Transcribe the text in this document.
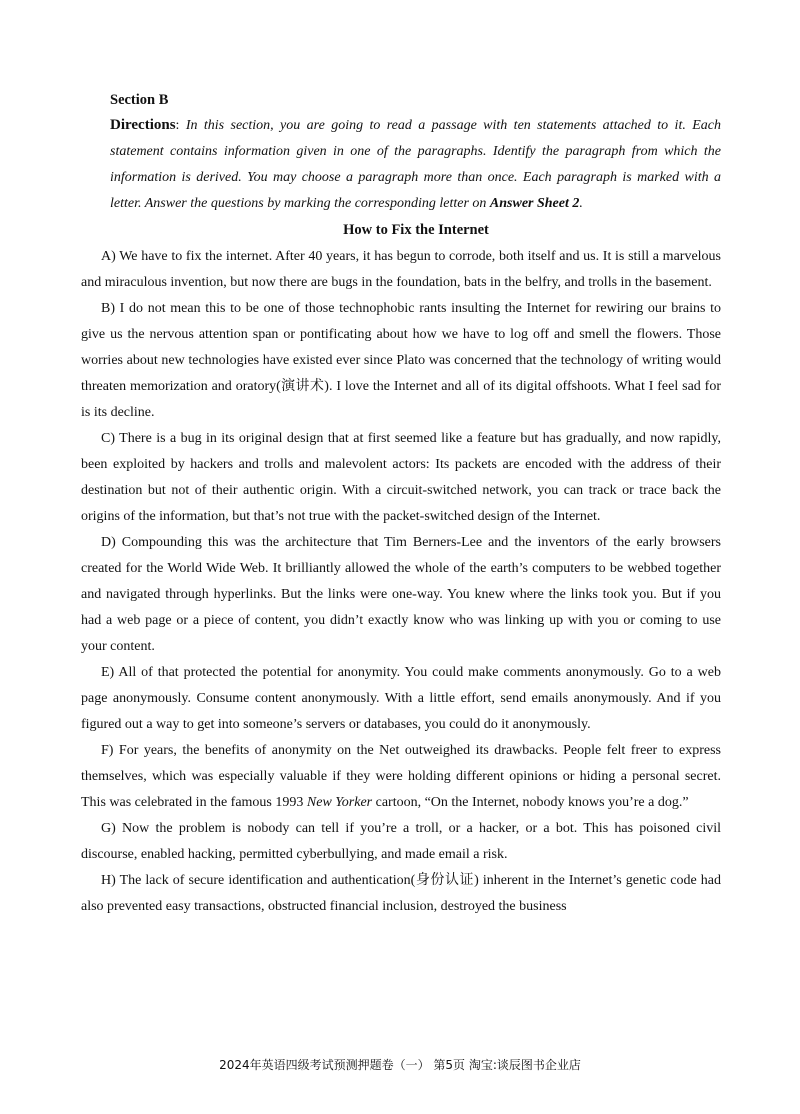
Section B
Directions: In this section, you are going to read a passage with ten statements attached to it. Each statement contains information given in one of the paragraphs. Identify the paragraph from which the information is derived. You may choose a paragraph more than once. Each paragraph is marked with a letter. Answer the questions by marking the corresponding letter on Answer Sheet 2.
How to Fix the Internet

A) We have to fix the internet. After 40 years, it has begun to corrode, both itself and us. It is still a marvelous and miraculous invention, but now there are bugs in the foundation, bats in the belfry, and trolls in the basement.

B) I do not mean this to be one of those technophobic rants insulting the Internet for rewiring our brains to give us the nervous attention span or pontificating about how we have to log off and smell the flowers. Those worries about new technologies have existed ever since Plato was concerned that the technology of writing would threaten memorization and oratory(演讲术). I love the Internet and all of its digital offshoots. What I feel sad for is its decline.

C) There is a bug in its original design that at first seemed like a feature but has gradually, and now rapidly, been exploited by hackers and trolls and malevolent actors: Its packets are encoded with the address of their destination but not of their authentic origin. With a circuit-switched network, you can track or trace back the origins of the information, but that’s not true with the packet-switched design of the Internet.

D) Compounding this was the architecture that Tim Berners-Lee and the inventors of the early browsers created for the World Wide Web. It brilliantly allowed the whole of the earth’s computers to be webbed together and navigated through hyperlinks. But the links were one-way. You knew where the links took you. But if you had a web page or a piece of content, you didn’t exactly know who was linking up with you or coming to use your content.

E) All of that protected the potential for anonymity. You could make comments anonymously. Go to a web page anonymously. Consume content anonymously. With a little effort, send emails anonymously. And if you figured out a way to get into someone’s servers or databases, you could do it anonymously.

F) For years, the benefits of anonymity on the Net outweighed its drawbacks. People felt freer to express themselves, which was especially valuable if they were holding different opinions or hiding a personal secret. This was celebrated in the famous 1993 New Yorker cartoon, “On the Internet, nobody knows you’re a dog.”

G) Now the problem is nobody can tell if you’re a troll, or a hacker, or a bot. This has poisoned civil discourse, enabled hacking, permitted cyberbullying, and made email a risk.

H) The lack of secure identification and authentication(身份认证) inherent in the Internet’s genetic code had also prevented easy transactions, obstructed financial inclusion, destroyed the business

2024年英语四级考试预测押题卷（一） 第5页 淘宝:谈辰图书企业店
